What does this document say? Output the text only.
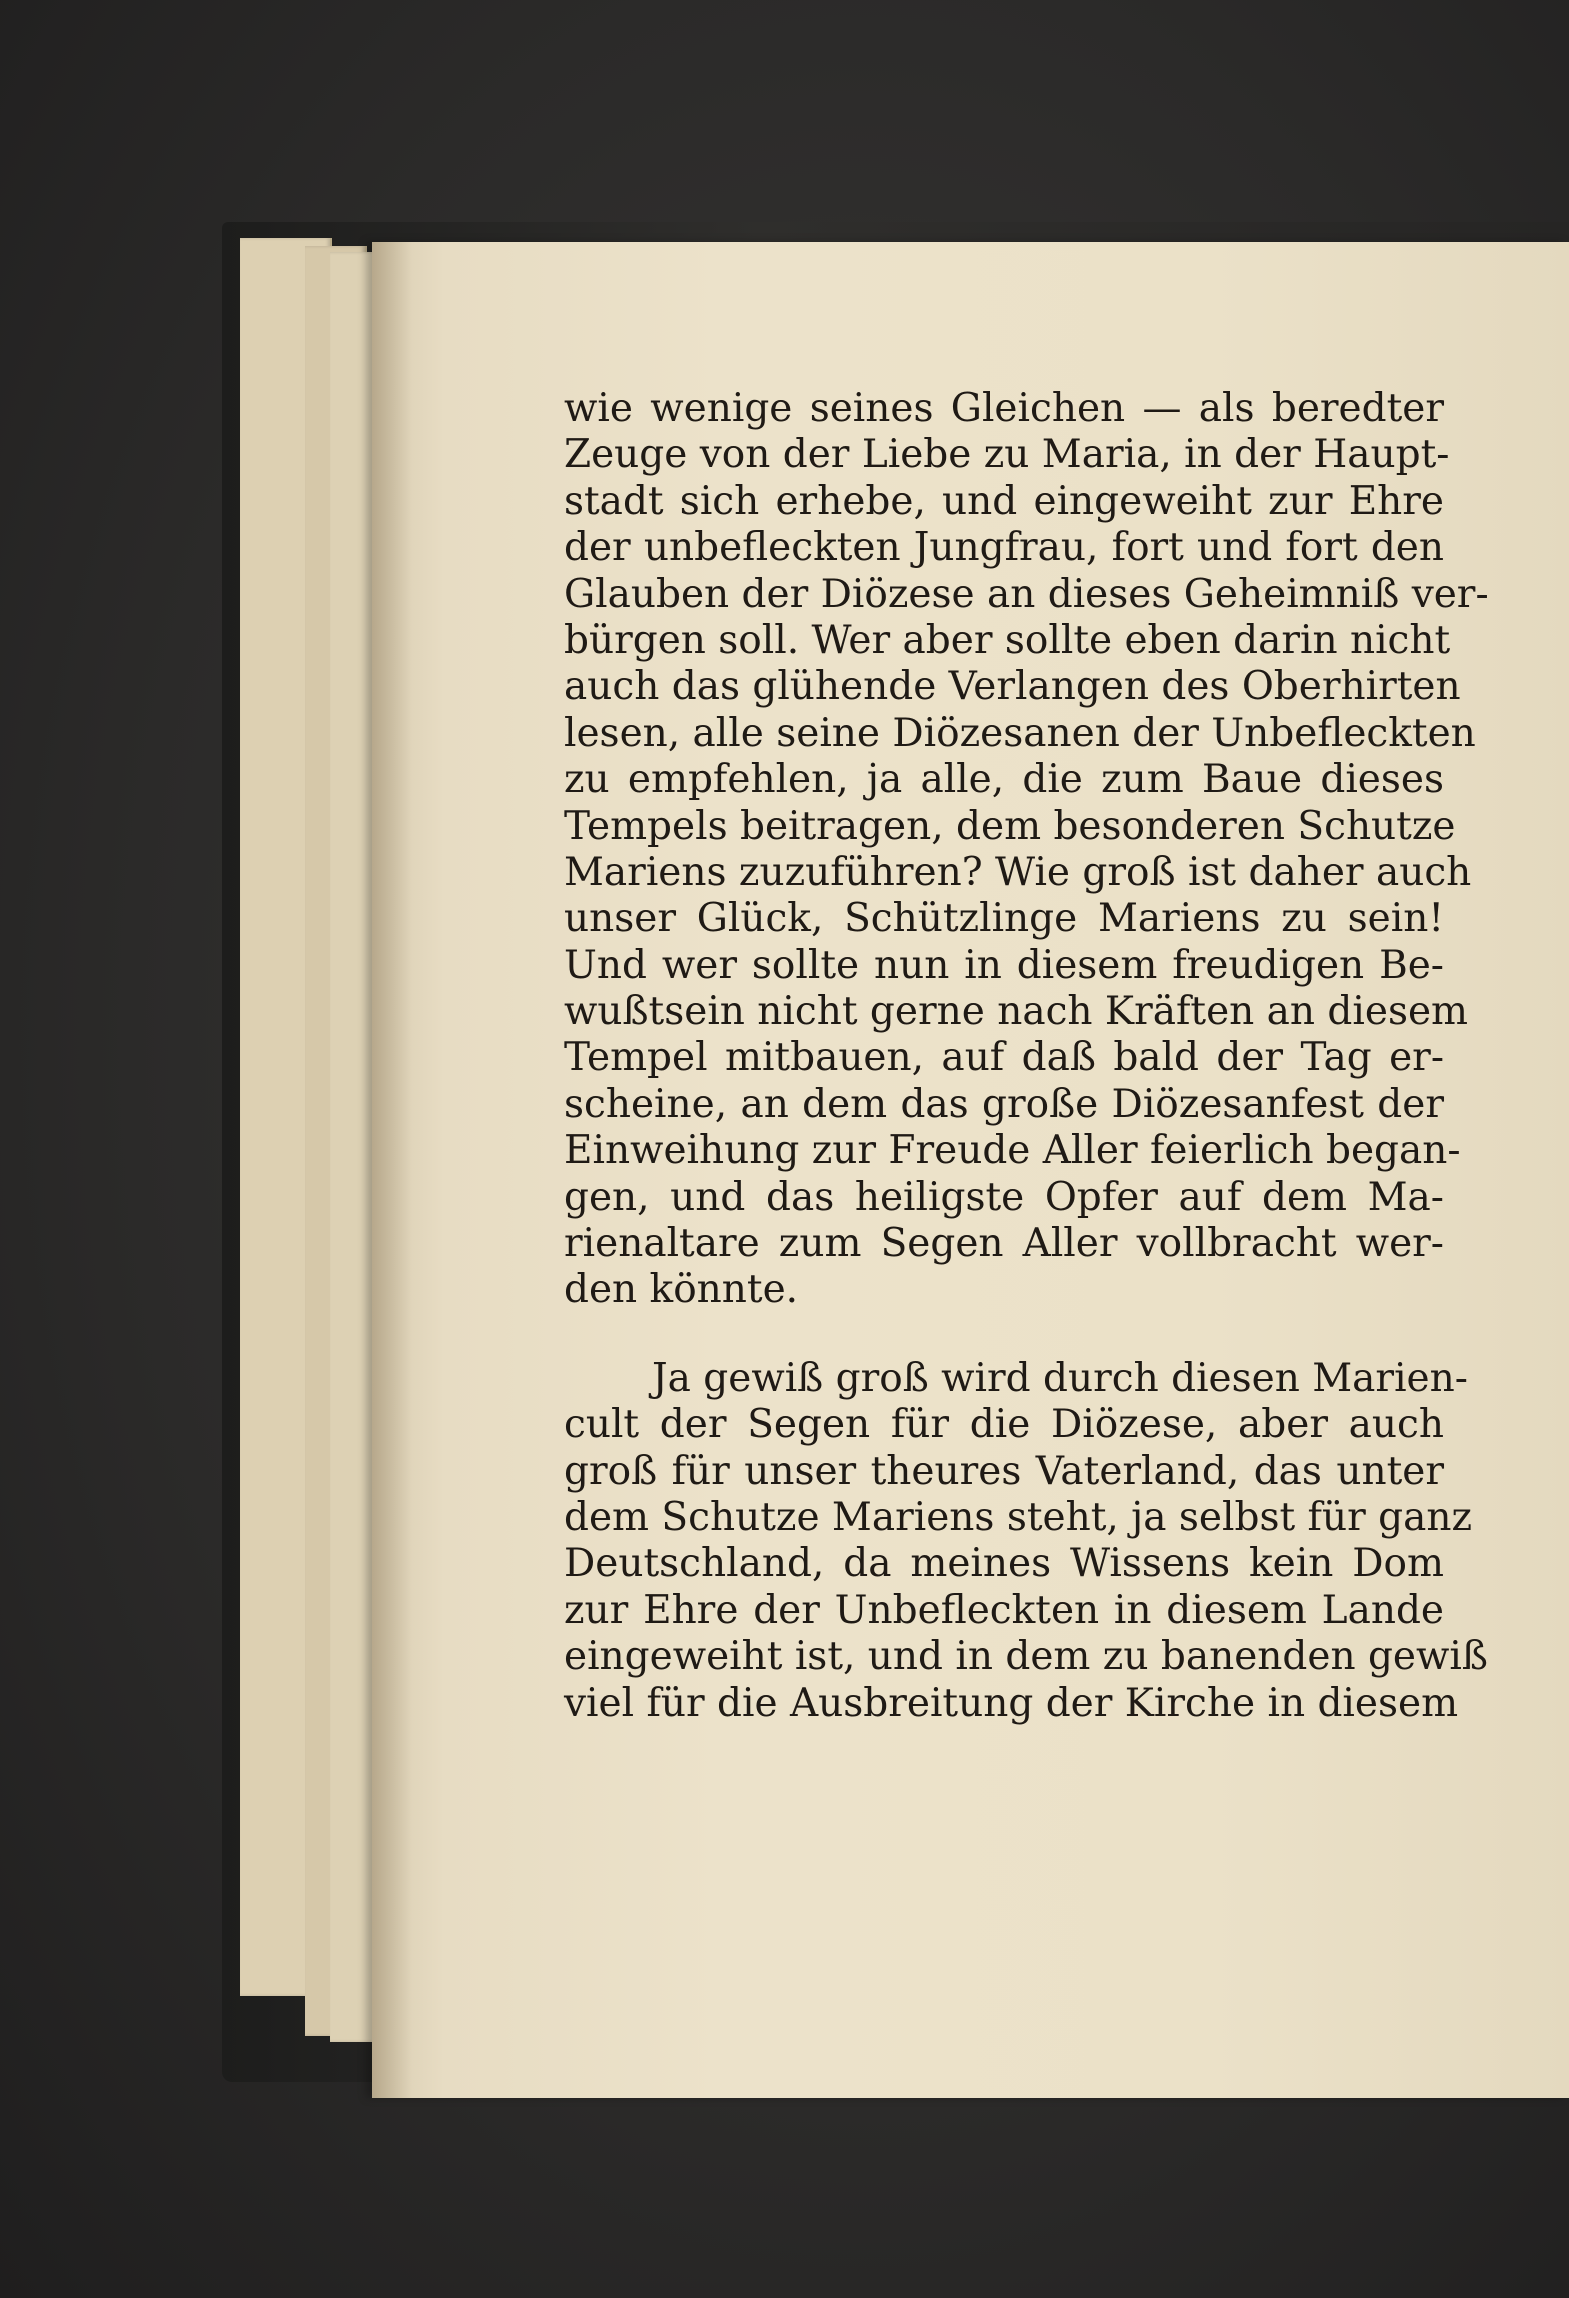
wie wenige seines Gleichen — als beredter
Zeuge von der Liebe zu Maria, in der Haupt-
stadt sich erhebe, und eingeweiht zur Ehre
der unbefleckten Jungfrau, fort und fort den
Glauben der Diözese an dieses Geheimniß ver-
bürgen soll. Wer aber sollte eben darin nicht
auch das glühende Verlangen des Oberhirten
lesen, alle seine Diözesanen der Unbefleckten
zu empfehlen, ja alle, die zum Baue dieses
Tempels beitragen, dem besonderen Schutze
Mariens zuzuführen? Wie groß ist daher auch
unser Glück, Schützlinge Mariens zu sein!
Und wer sollte nun in diesem freudigen Be-
wußtsein nicht gerne nach Kräften an diesem
Tempel mitbauen, auf daß bald der Tag er-
scheine, an dem das große Diözesanfest der
Einweihung zur Freude Aller feierlich began-
gen, und das heiligste Opfer auf dem Ma-
rienaltare zum Segen Aller vollbracht wer-
den könnte.
Ja gewiß groß wird durch diesen Marien-
cult der Segen für die Diözese, aber auch
groß für unser theures Vaterland, das unter
dem Schutze Mariens steht, ja selbst für ganz
Deutschland, da meines Wissens kein Dom
zur Ehre der Unbefleckten in diesem Lande
eingeweiht ist, und in dem zu banenden gewiß
viel für die Ausbreitung der Kirche in diesem
